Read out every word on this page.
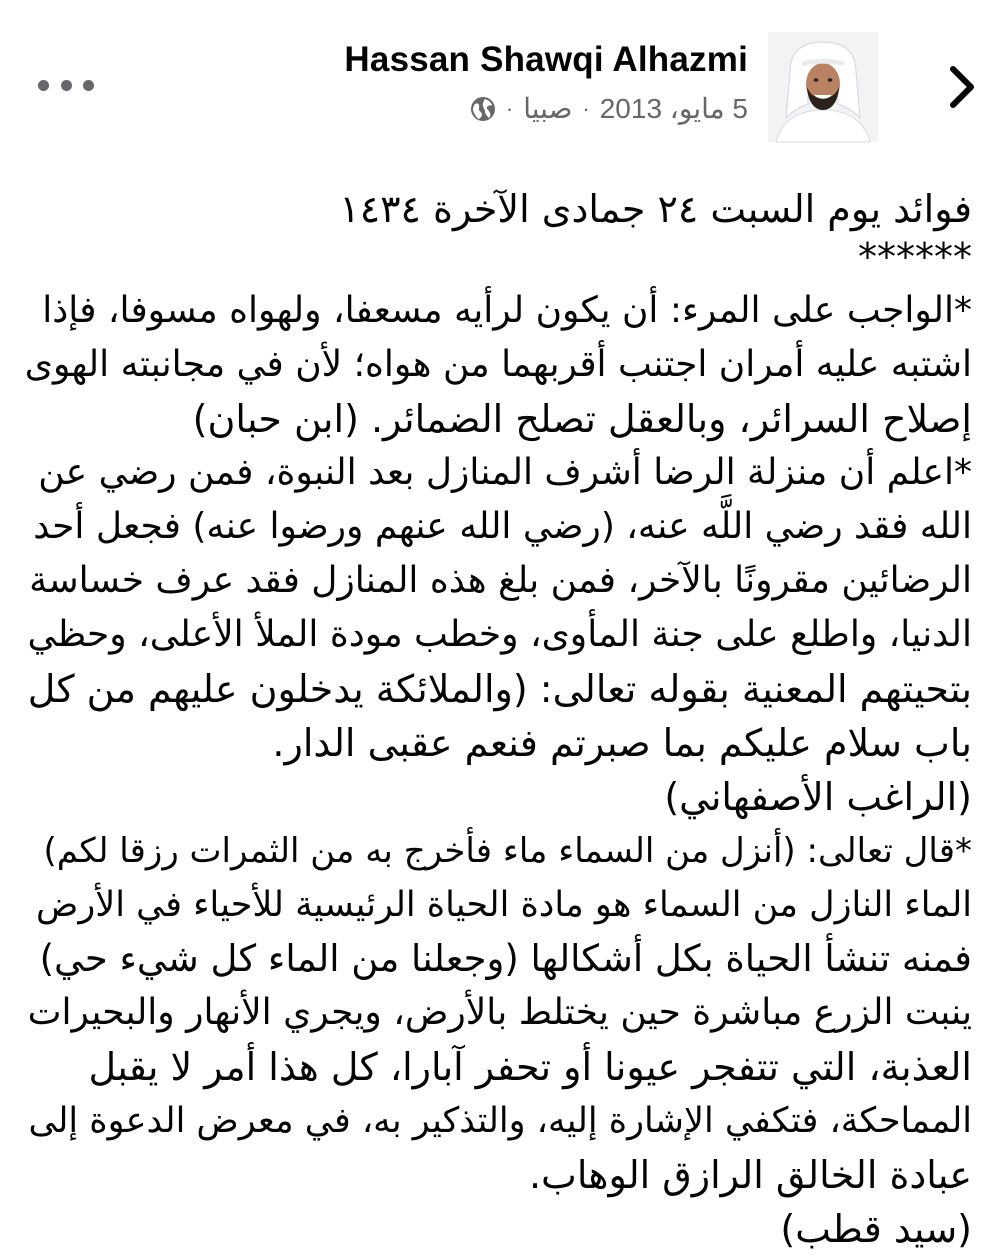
Hassan Shawqi Alhazmi
5 مايو، 2013
·
صبيا
·

فوائد يوم السبت ٢٤ جمادى الآخرة ١٤٣٤

******

*الواجب على المرء: أن يكون لرأيه مسعفا، ولهواه مسوفا، فإذا

اشتبه عليه أمران اجتنب أقربهما من هواه؛ لأن في مجانبته الهوى

إصلاح السرائر، وبالعقل تصلح الضمائر. (ابن حبان)

*اعلم أن منزلة الرضا أشرف المنازل بعد النبوة، فمن رضي عن

الله فقد رضي اللَّه عنه، (رضي الله عنهم ورضوا عنه) فجعل أحد

الرضائين مقرونًا بالآخر، فمن بلغ هذه المنازل فقد عرف خساسة

الدنيا، واطلع على جنة المأوى، وخطب مودة الملأ الأعلى، وحظي

بتحيتهم المعنية بقوله تعالى: (والملائكة يدخلون عليهم من كل

باب سلام عليكم بما صبرتم فنعم عقبى الدار.

(الراغب الأصفهاني)

*قال تعالى: (أنزل من السماء ماء فأخرج به من الثمرات رزقا لكم)

الماء النازل من السماء هو مادة الحياة الرئيسية للأحياء في الأرض

فمنه تنشأ الحياة بكل أشكالها (وجعلنا من الماء كل شيء حي)

ينبت الزرع مباشرة حين يختلط بالأرض، ويجري الأنهار والبحيرات

العذبة، التي تتفجر عيونا أو تحفر آبارا، كل هذا أمر لا يقبل

المماحكة، فتكفي الإشارة إليه، والتذكير به، في معرض الدعوة إلى

عبادة الخالق الرازق الوهاب.

(سيد قطب)
